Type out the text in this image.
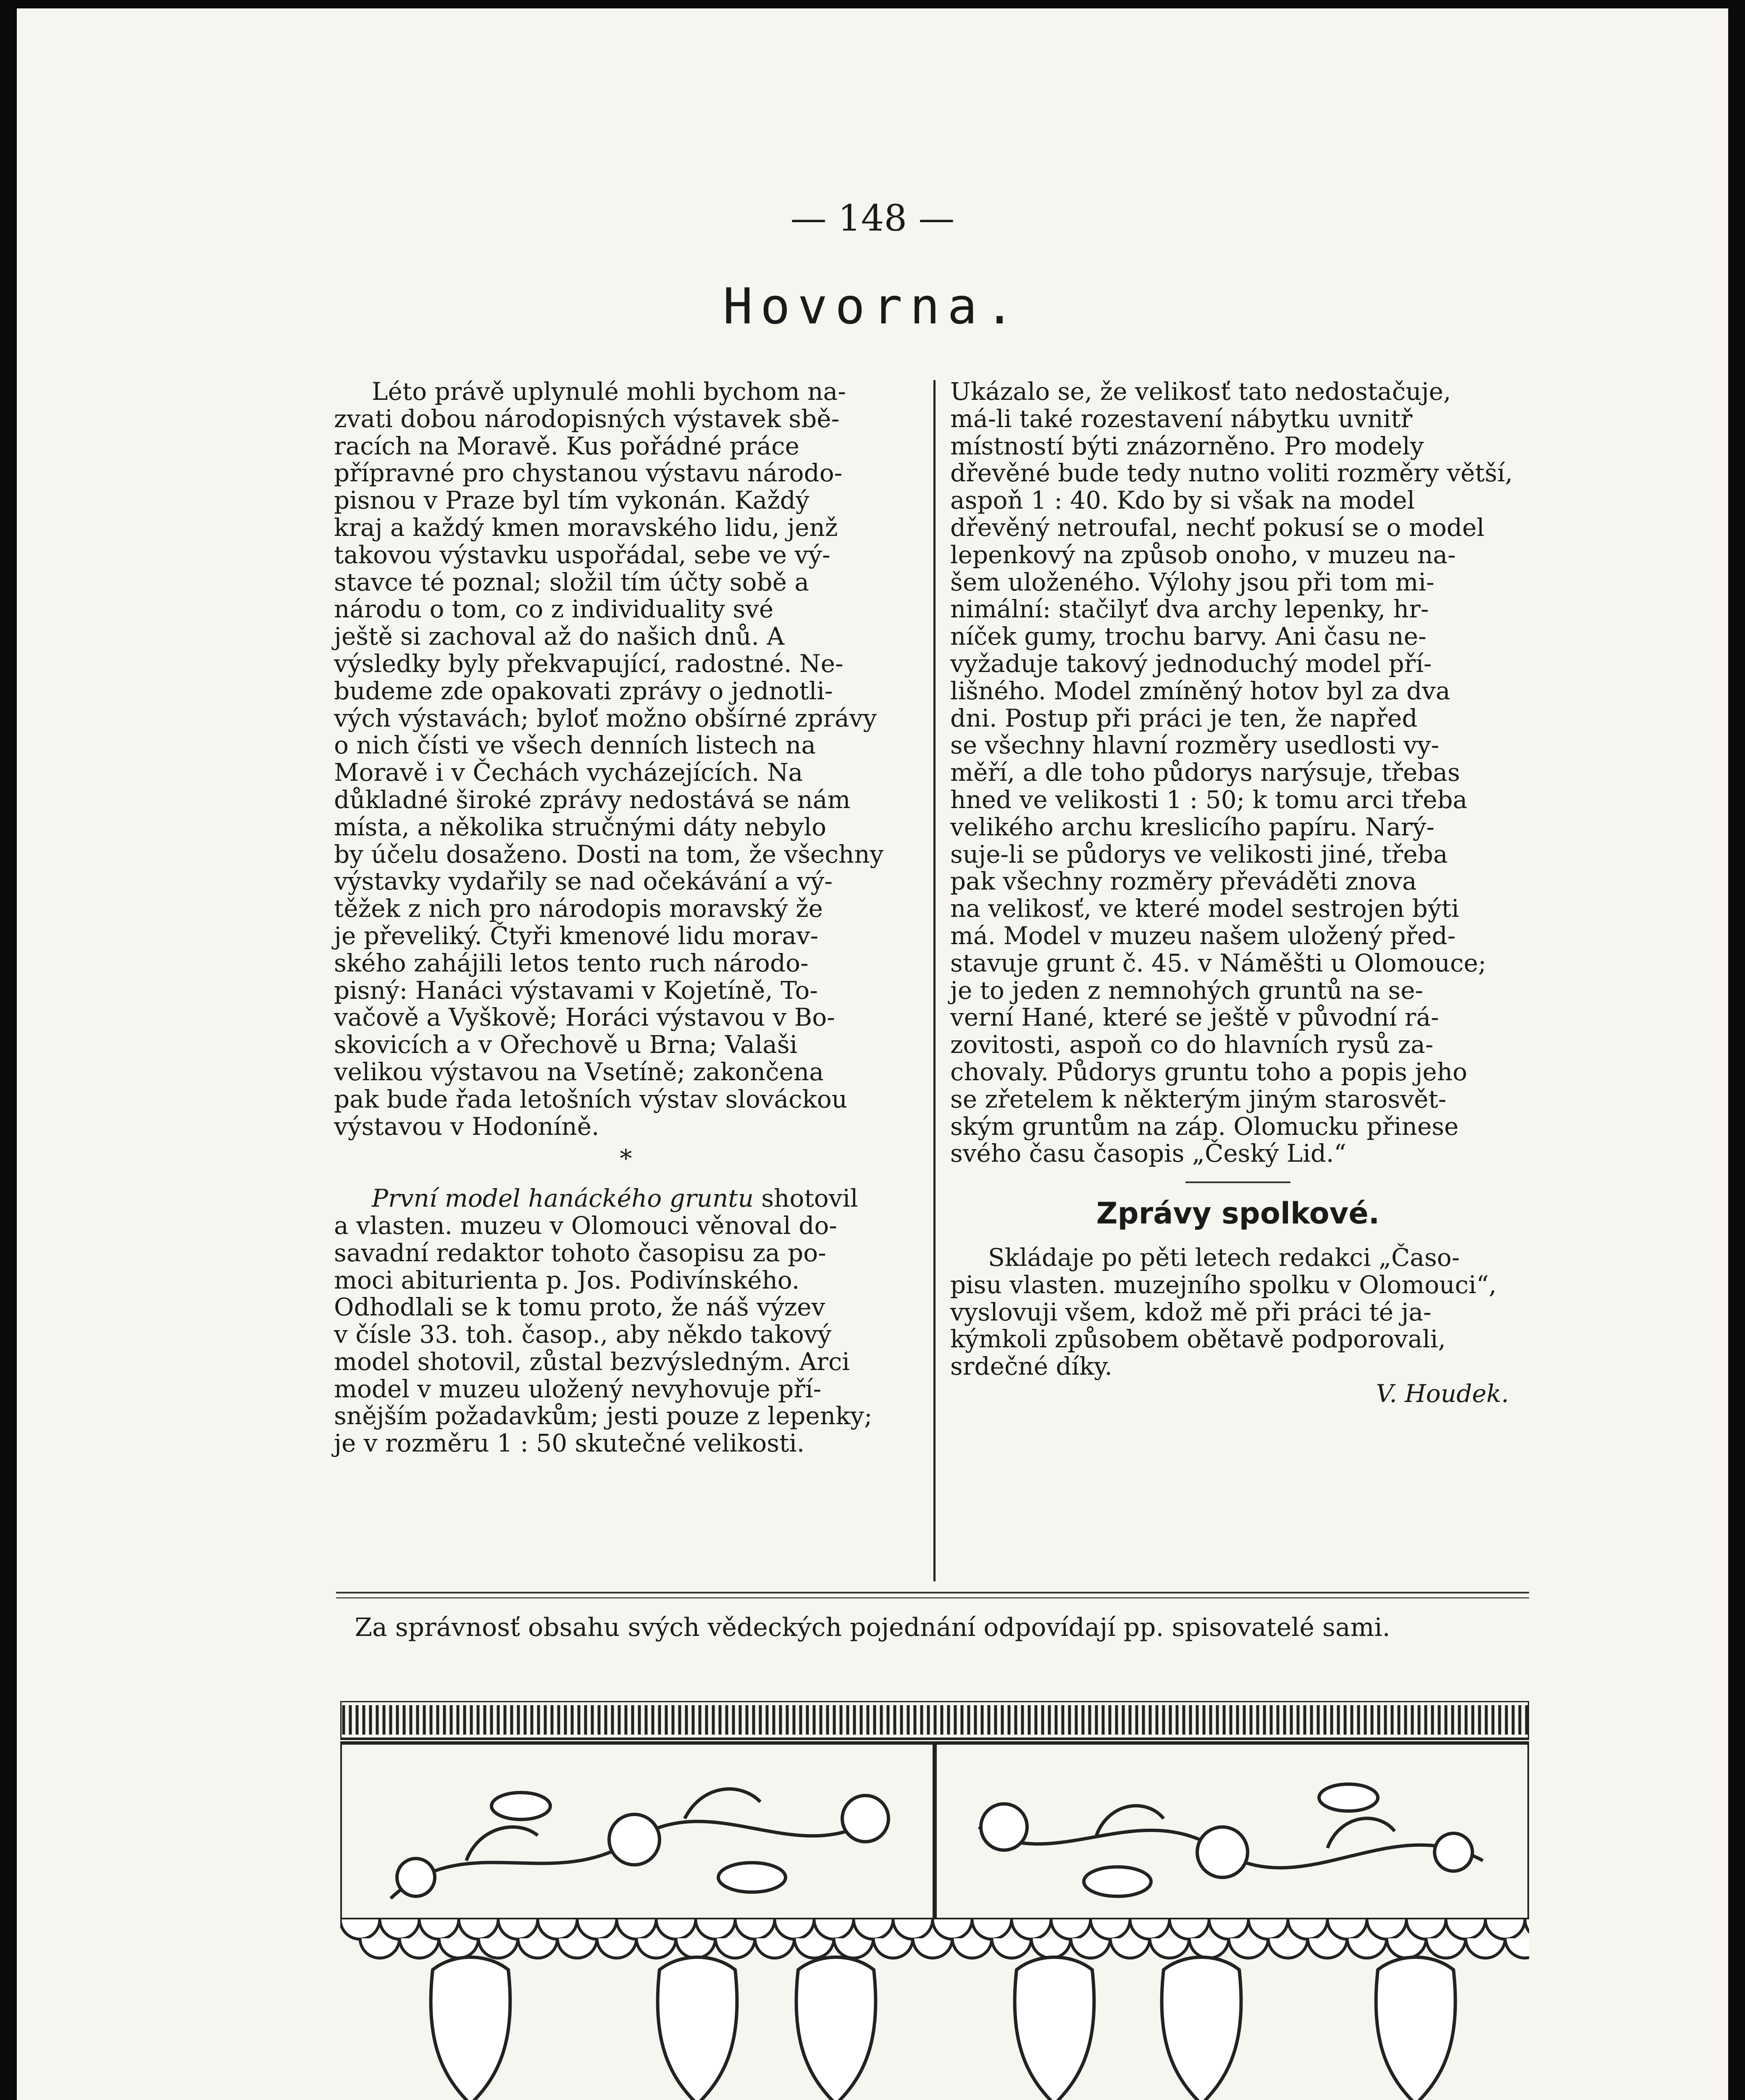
— 148 —
Hovorna.
Léto právě uplynulé mohli bychom na-
zvati dobou národopisných výstavek sbě-
racích na Moravě. Kus pořádné práce
přípravné pro chystanou výstavu národo-
pisnou v Praze byl tím vykonán. Každý
kraj a každý kmen moravského lidu, jenž
takovou výstavku uspořádal, sebe ve vý-
stavce té poznal; složil tím účty sobě a
národu o tom, co z individuality své
ještě si zachoval až do našich dnů. A
výsledky byly překvapující, radostné. Ne-
budeme zde opakovati zprávy o jednotli-
vých výstavách; byloť možno obšírné zprávy
o nich čísti ve všech denních listech na
Moravě i v Čechách vycházejících. Na
důkladné široké zprávy nedostává se nám
místa, a několika stručnými dáty nebylo
by účelu dosaženo. Dosti na tom, že všechny
výstavky vydařily se nad očekávání a vý-
těžek z nich pro národopis moravský že
je převeliký. Čtyři kmenové lidu morav-
ského zahájili letos tento ruch národo-
pisný: Hanáci výstavami v Kojetíně, To-
vačově a Vyškově; Horáci výstavou v Bo-
skovicích a v Ořechově u Brna; Valaši
velikou výstavou na Vsetíně; zakončena
pak bude řada letošních výstav slováckou
výstavou v Hodoníně.
*
První model hanáckého gruntu shotovil
a vlasten. muzeu v Olomouci věnoval do-
savadní redaktor tohoto časopisu za po-
moci abiturienta p. Jos. Podivínského.
Odhodlali se k tomu proto, že náš výzev
v čísle 33. toh. časop., aby někdo takový
model shotovil, zůstal bezvýsledným. Arci
model v muzeu uložený nevyhovuje pří-
snějším požadavkům; jesti pouze z lepenky;
je v rozměru 1 : 50 skutečné velikosti.
Ukázalo se, že velikosť tato nedostačuje,
má-li také rozestavení nábytku uvnitř
místností býti znázorněno. Pro modely
dřevěné bude tedy nutno voliti rozměry větší,
aspoň 1 : 40. Kdo by si však na model
dřevěný netroufal, nechť pokusí se o model
lepenkový na způsob onoho, v muzeu na-
šem uloženého. Výlohy jsou při tom mi-
nimální: stačilyť dva archy lepenky, hr-
níček gumy, trochu barvy. Ani času ne-
vyžaduje takový jednoduchý model pří-
lišného. Model zmíněný hotov byl za dva
dni. Postup při práci je ten, že napřed
se všechny hlavní rozměry usedlosti vy-
měří, a dle toho půdorys narýsuje, třebas
hned ve velikosti 1 : 50; k tomu arci třeba
velikého archu kreslicího papíru. Narý-
suje-li se půdorys ve velikosti jiné, třeba
pak všechny rozměry převáděti znova
na velikosť, ve které model sestrojen býti
má. Model v muzeu našem uložený před-
stavuje grunt č. 45. v Náměšti u Olomouce;
je to jeden z nemnohých gruntů na se-
verní Hané, které se ještě v původní rá-
zovitosti, aspoň co do hlavních rysů za-
chovaly. Půdorys gruntu toho a popis jeho
se zřetelem k některým jiným starosvět-
ským gruntům na záp. Olomucku přinese
svého času časopis „Český Lid.“
Zprávy spolkové.
Skládaje po pěti letech redakci „Časo-
pisu vlasten. muzejního spolku v Olomouci“,
vyslovuji všem, kdož mě při práci té ja-
kýmkoli způsobem obětavě podporovali,
srdečné díky.
V. Houdek.
Za správnosť obsahu svých vědeckých pojednání odpovídají pp. spisovatelé sami.
